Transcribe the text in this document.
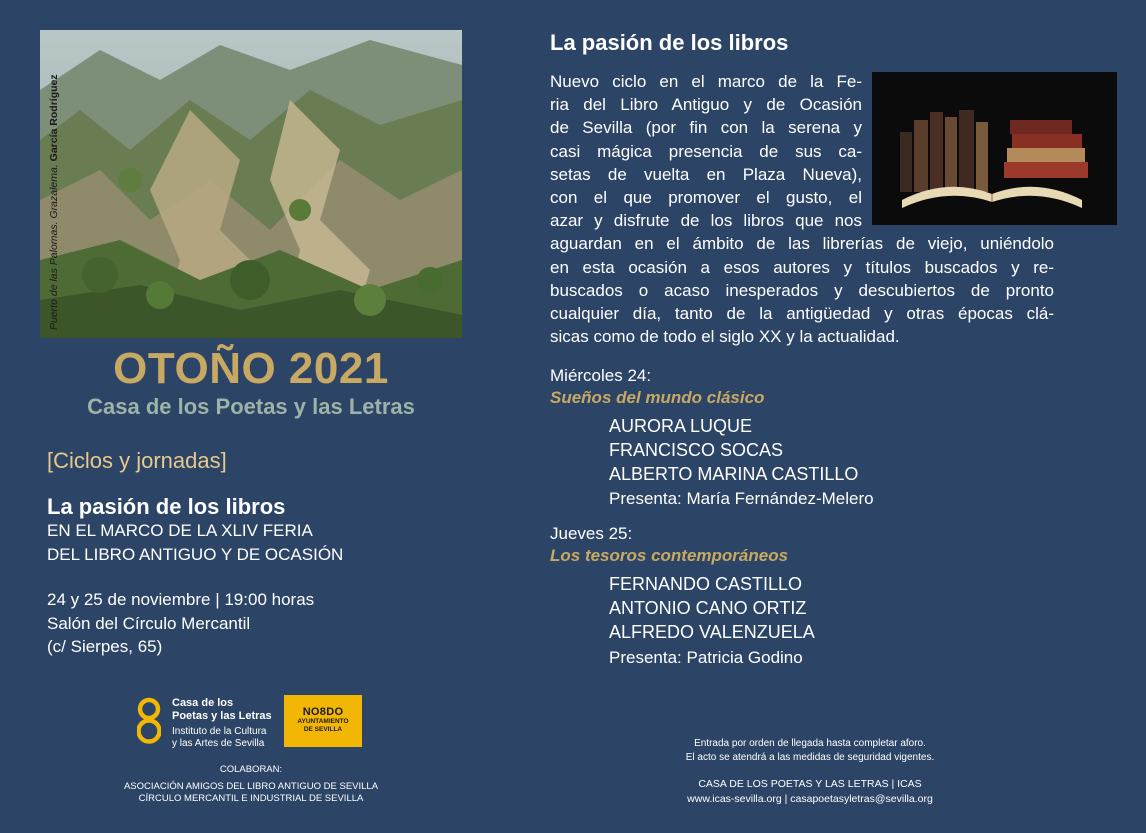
Puerto de las Palomas. Grazalema. García Rodríguez
OTOÑO 2021
Casa de los Poetas y las Letras
[Ciclos y jornadas]
La pasión de los libros
EN EL MARCO DE LA XLIV FERIA
DEL LIBRO ANTIGUO Y DE OCASIÓN
24 y 25 de noviembre | 19:00 horas
Salón del Círculo Mercantil
(c/ Sierpes, 65)
Casa de los
Poetas y las Letras
Instituto de la Cultura
y las Artes de Sevilla
NO8DO
AYUNTAMIENTO
DE SEVILLA
COLABORAN:
ASOCIACIÓN AMIGOS DEL LIBRO ANTIGUO DE SEVILLA
CÍRCULO MERCANTIL E INDUSTRIAL DE SEVILLA
La pasión de los libros
Nuevo ciclo en el marco de la Fe-
ria del Libro Antiguo y de Ocasión
de Sevilla (por fin con la serena y
casi mágica presencia de sus ca-
setas de vuelta en Plaza Nueva),
con el que promover el gusto, el
azar y disfrute de los libros que nos
aguardan en el ámbito de las librerías de viejo, uniéndolo
en esta ocasión a esos autores y títulos buscados y re-
buscados o acaso inesperados y descubiertos de pronto
cualquier día, tanto de la antigüedad y otras épocas clá-
sicas como de todo el siglo XX y la actualidad.
Miércoles 24:
Sueños del mundo clásico
AURORA LUQUE
FRANCISCO SOCAS
ALBERTO MARINA CASTILLO
Presenta: María Fernández-Melero
Jueves 25:
Los tesoros contemporáneos
FERNANDO CASTILLO
ANTONIO CANO ORTIZ
ALFREDO VALENZUELA
Presenta: Patricia Godino
Entrada por orden de llegada hasta completar aforo.
El acto se atendrá a las medidas de seguridad vigentes.
CASA DE LOS POETAS Y LAS LETRAS | ICAS
www.icas-sevilla.org | casapoetasyletras@sevilla.org
